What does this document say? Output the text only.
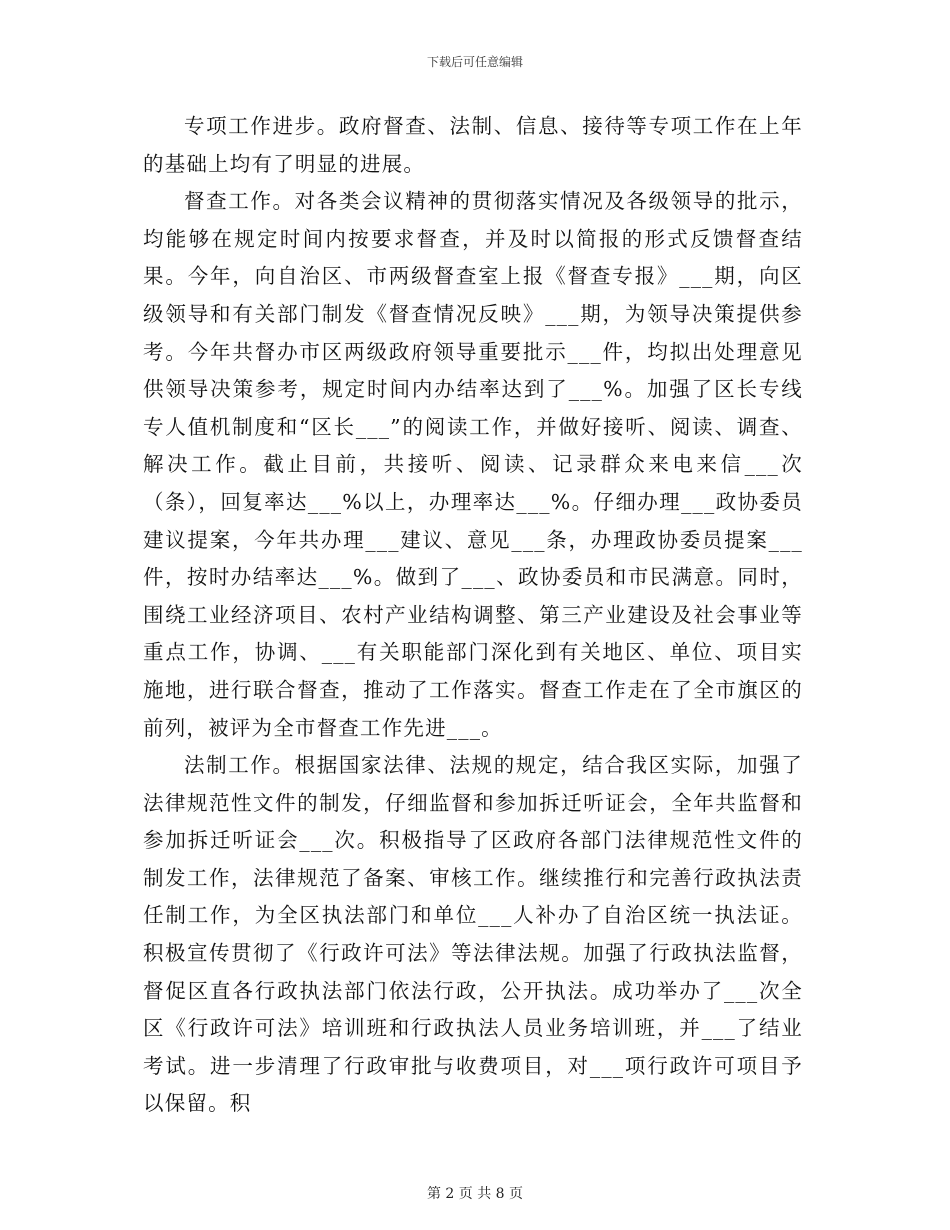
下载后可任意编辑

专项工作进步。政府督查、法制、信息、接待等专项工作在上年的基础上均有了明显的进展。

督查工作。对各类会议精神的贯彻落实情况及各级领导的批示，均能够在规定时间内按要求督查，并及时以简报的形式反馈督查结果。今年，向自治区、市两级督查室上报《督查专报》___期，向区级领导和有关部门制发《督查情况反映》___期，为领导决策提供参考。今年共督办市区两级政府领导重要批示___件，均拟出处理意见供领导决策参考，规定时间内办结率达到了___%。加强了区长专线专人值机制度和“区长___”的阅读工作，并做好接听、阅读、调查、解决工作。截止目前，共接听、阅读、记录群众来电来信___次（条），回复率达___%以上，办理率达___%。仔细办理___政协委员建议提案，今年共办理___建议、意见___条，办理政协委员提案___件，按时办结率达___%。做到了___、政协委员和市民满意。同时，围绕工业经济项目、农村产业结构调整、第三产业建设及社会事业等重点工作，协调、___有关职能部门深化到有关地区、单位、项目实施地，进行联合督查，推动了工作落实。督查工作走在了全市旗区的前列，被评为全市督查工作先进___。

法制工作。根据国家法律、法规的规定，结合我区实际，加强了法律规范性文件的制发，仔细监督和参加拆迁听证会，全年共监督和参加拆迁听证会___次。积极指导了区政府各部门法律规范性文件的制发工作，法律规范了备案、审核工作。继续推行和完善行政执法责任制工作，为全区执法部门和单位___人补办了自治区统一执法证。积极宣传贯彻了《行政许可法》等法律法规。加强了行政执法监督，督促区直各行政执法部门依法行政，公开执法。成功举办了___次全区《行政许可法》培训班和行政执法人员业务培训班，并___了结业考试。进一步清理了行政审批与收费项目，对___项行政许可项目予以保留。积

第 2 页 共 8 页
